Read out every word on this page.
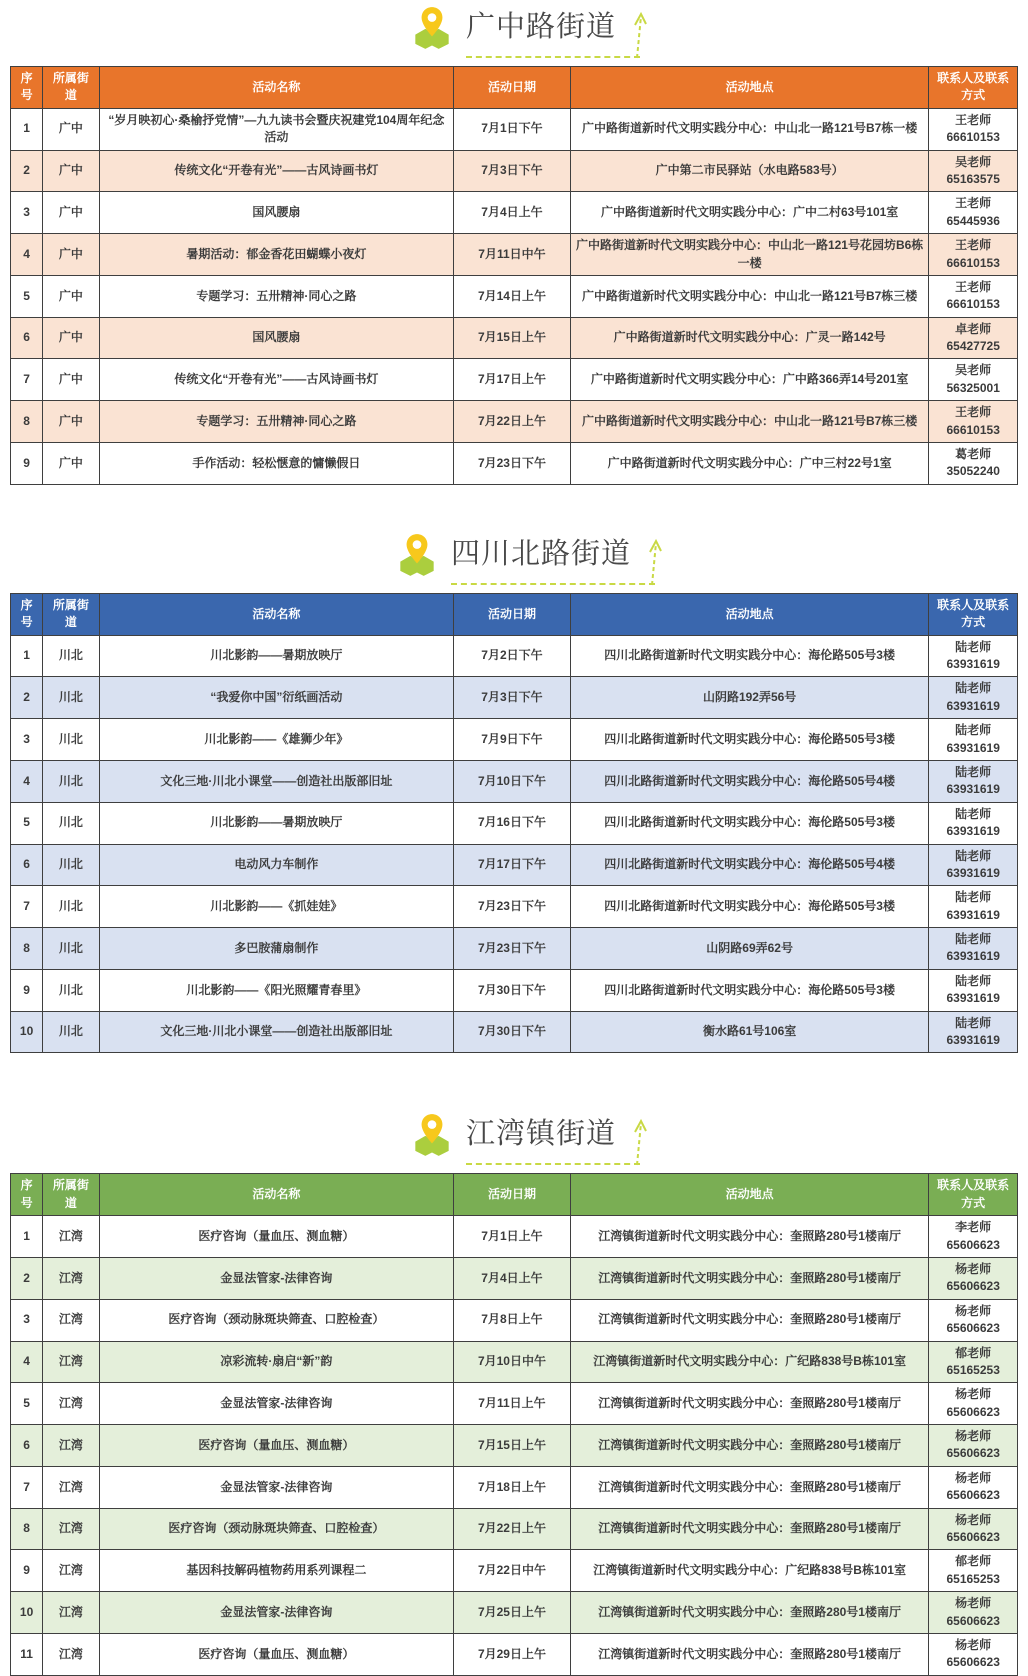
广中路街道
序号	所属街道	活动名称	活动日期	活动地点	联系人及联系方式
1	广中	“岁月映初心·桑榆抒党情”—九九读书会暨庆祝建党104周年纪念活动	7月1日下午	广中路街道新时代文明实践分中心：中山北一路121号B7栋一楼	王老师66610153
2	广中	传统文化“开卷有光”——古风诗画书灯	7月3日下午	广中第二市民驿站（水电路583号）	吴老师65163575
3	广中	国风腰扇	7月4日上午	广中路街道新时代文明实践分中心：广中二村63号101室	王老师65445936
4	广中	暑期活动：郁金香花田蝴蝶小夜灯	7月11日中午	广中路街道新时代文明实践分中心：中山北一路121号花园坊B6栋一楼	王老师66610153
5	广中	专题学习：五卅精神·同心之路	7月14日上午	广中路街道新时代文明实践分中心：中山北一路121号B7栋三楼	王老师66610153
6	广中	国风腰扇	7月15日上午	广中路街道新时代文明实践分中心：广灵一路142号	卓老师65427725
7	广中	传统文化“开卷有光”——古风诗画书灯	7月17日上午	广中路街道新时代文明实践分中心：广中路366弄14号201室	吴老师56325001
8	广中	专题学习：五卅精神·同心之路	7月22日上午	广中路街道新时代文明实践分中心：中山北一路121号B7栋三楼	王老师66610153
9	广中	手作活动：轻松惬意的慵懒假日	7月23日下午	广中路街道新时代文明实践分中心：广中三村22号1室	葛老师35052240
四川北路街道
序号	所属街道	活动名称	活动日期	活动地点	联系人及联系方式
1	川北	川北影韵——暑期放映厅	7月2日下午	四川北路街道新时代文明实践分中心：海伦路505号3楼	陆老师63931619
2	川北	“我爱你中国”衍纸画活动	7月3日下午	山阴路192弄56号	陆老师63931619
3	川北	川北影韵——《雄狮少年》	7月9日下午	四川北路街道新时代文明实践分中心：海伦路505号3楼	陆老师63931619
4	川北	文化三地·川北小课堂——创造社出版部旧址	7月10日下午	四川北路街道新时代文明实践分中心：海伦路505号4楼	陆老师63931619
5	川北	川北影韵——暑期放映厅	7月16日下午	四川北路街道新时代文明实践分中心：海伦路505号3楼	陆老师63931619
6	川北	电动风力车制作	7月17日下午	四川北路街道新时代文明实践分中心：海伦路505号4楼	陆老师63931619
7	川北	川北影韵——《抓娃娃》	7月23日下午	四川北路街道新时代文明实践分中心：海伦路505号3楼	陆老师63931619
8	川北	多巴胺蒲扇制作	7月23日下午	山阴路69弄62号	陆老师63931619
9	川北	川北影韵——《阳光照耀青春里》	7月30日下午	四川北路街道新时代文明实践分中心：海伦路505号3楼	陆老师63931619
10	川北	文化三地·川北小课堂——创造社出版部旧址	7月30日下午	衡水路61号106室	陆老师63931619
江湾镇街道
序号	所属街道	活动名称	活动日期	活动地点	联系人及联系方式
1	江湾	医疗咨询（量血压、测血糖）	7月1日上午	江湾镇街道新时代文明实践分中心：奎照路280号1楼南厅	李老师65606623
2	江湾	金显法管家-法律咨询	7月4日上午	江湾镇街道新时代文明实践分中心：奎照路280号1楼南厅	杨老师65606623
3	江湾	医疗咨询（颈动脉斑块筛查、口腔检查）	7月8日上午	江湾镇街道新时代文明实践分中心：奎照路280号1楼南厅	杨老师65606623
4	江湾	凉彩流转·扇启“新”韵	7月10日中午	江湾镇街道新时代文明实践分中心：广纪路838号B栋101室	郁老师65165253
5	江湾	金显法管家-法律咨询	7月11日上午	江湾镇街道新时代文明实践分中心：奎照路280号1楼南厅	杨老师65606623
6	江湾	医疗咨询（量血压、测血糖）	7月15日上午	江湾镇街道新时代文明实践分中心：奎照路280号1楼南厅	杨老师65606623
7	江湾	金显法管家-法律咨询	7月18日上午	江湾镇街道新时代文明实践分中心：奎照路280号1楼南厅	杨老师65606623
8	江湾	医疗咨询（颈动脉斑块筛查、口腔检查）	7月22日上午	江湾镇街道新时代文明实践分中心：奎照路280号1楼南厅	杨老师65606623
9	江湾	基因科技解码植物药用系列课程二	7月22日中午	江湾镇街道新时代文明实践分中心：广纪路838号B栋101室	郁老师65165253
10	江湾	金显法管家-法律咨询	7月25日上午	江湾镇街道新时代文明实践分中心：奎照路280号1楼南厅	杨老师65606623
11	江湾	医疗咨询（量血压、测血糖）	7月29日上午	江湾镇街道新时代文明实践分中心：奎照路280号1楼南厅	杨老师65606623
